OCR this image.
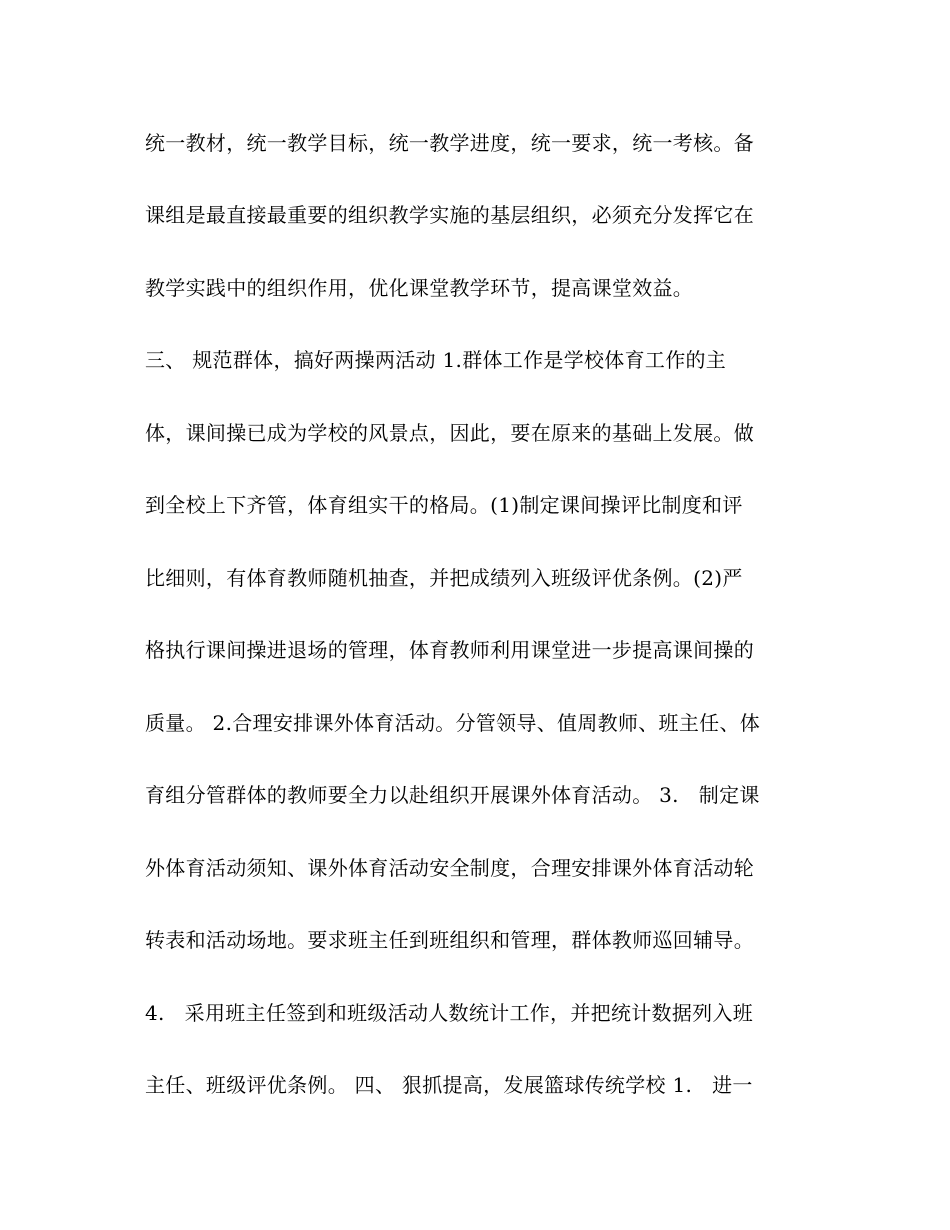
统一教材，统一教学目标，统一教学进度，统一要求，统一考核。备

课组是最直接最重要的组织教学实施的基层组织，必须充分发挥它在

教学实践中的组织作用，优化课堂教学环节，提高课堂效益。

三、 规范群体，搞好两操两活动 1.群体工作是学校体育工作的主

体，课间操已成为学校的风景点，因此，要在原来的基础上发展。做

到全校上下齐管，体育组实干的格局。(1)制定课间操评比制度和评

比细则，有体育教师随机抽查，并把成绩列入班级评优条例。(2)严

格执行课间操进退场的管理，体育教师利用课堂进一步提高课间操的

质量。 2.合理安排课外体育活动。分管领导、值周教师、班主任、体

育组分管群体的教师要全力以赴组织开展课外体育活动。 3.   制定课

外体育活动须知、课外体育活动安全制度，合理安排课外体育活动轮

转表和活动场地。要求班主任到班组织和管理，群体教师巡回辅导。

4.   采用班主任签到和班级活动人数统计工作，并把统计数据列入班

主任、班级评优条例。 四、 狠抓提高，发展篮球传统学校 1.   进一
